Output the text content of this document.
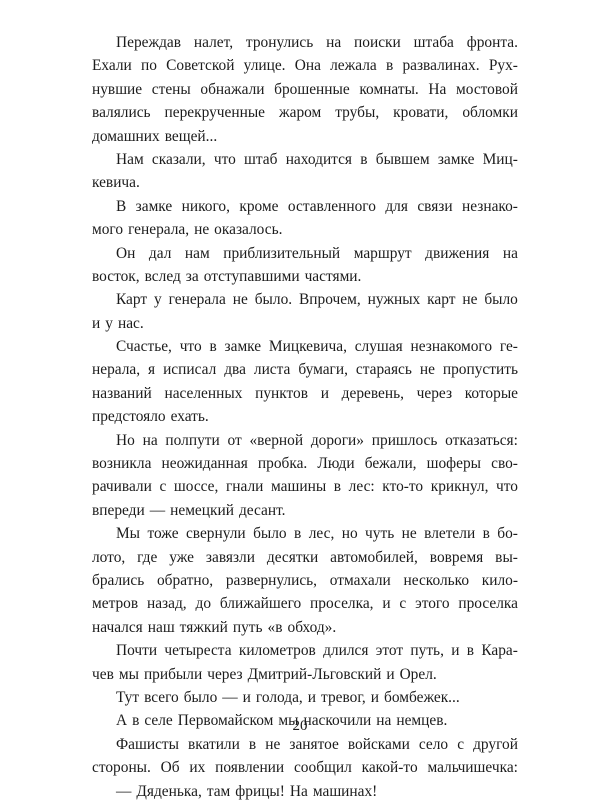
Переждав налет, тронулись на поиски штаба фронта.
Ехали по Советской улице. Она лежала в развалинах. Рух-
нувшие стены обнажали брошенные комнаты. На мостовой
валялись перекрученные жаром трубы, кровати, обломки
домашних вещей...
Нам сказали, что штаб находится в бывшем замке Миц-
кевича.
В замке никого, кроме оставленного для связи незнако-
мого генерала, не оказалось.
Он дал нам приблизительный маршрут движения на
восток, вслед за отступавшими частями.
Карт у генерала не было. Впрочем, нужных карт не было
и у нас.
Счастье, что в замке Мицкевича, слушая незнакомого ге-
нерала, я исписал два листа бумаги, стараясь не пропустить
названий населенных пунктов и деревень, через которые
предстояло ехать.
Но на полпути от «верной дороги» пришлось отказаться:
возникла неожиданная пробка. Люди бежали, шоферы сво-
рачивали с шоссе, гнали машины в лес: кто-то крикнул, что
впереди — немецкий десант.
Мы тоже свернули было в лес, но чуть не влетели в бо-
лото, где уже завязли десятки автомобилей, вовремя вы-
брались обратно, развернулись, отмахали несколько кило-
метров назад, до ближайшего проселка, и с этого проселка
начался наш тяжкий путь «в обход».
Почти четыреста километров длился этот путь, и в Кара-
чев мы прибыли через Дмитрий-Льговский и Орел.
Тут всего было — и голода, и тревог, и бомбежек...
А в селе Первомайском мы наскочили на немцев.
Фашисты вкатили в не занятое войсками село с другой
стороны. Об их появлении сообщил какой-то мальчишечка:
— Дяденька, там фрицы! На машинах!
20
